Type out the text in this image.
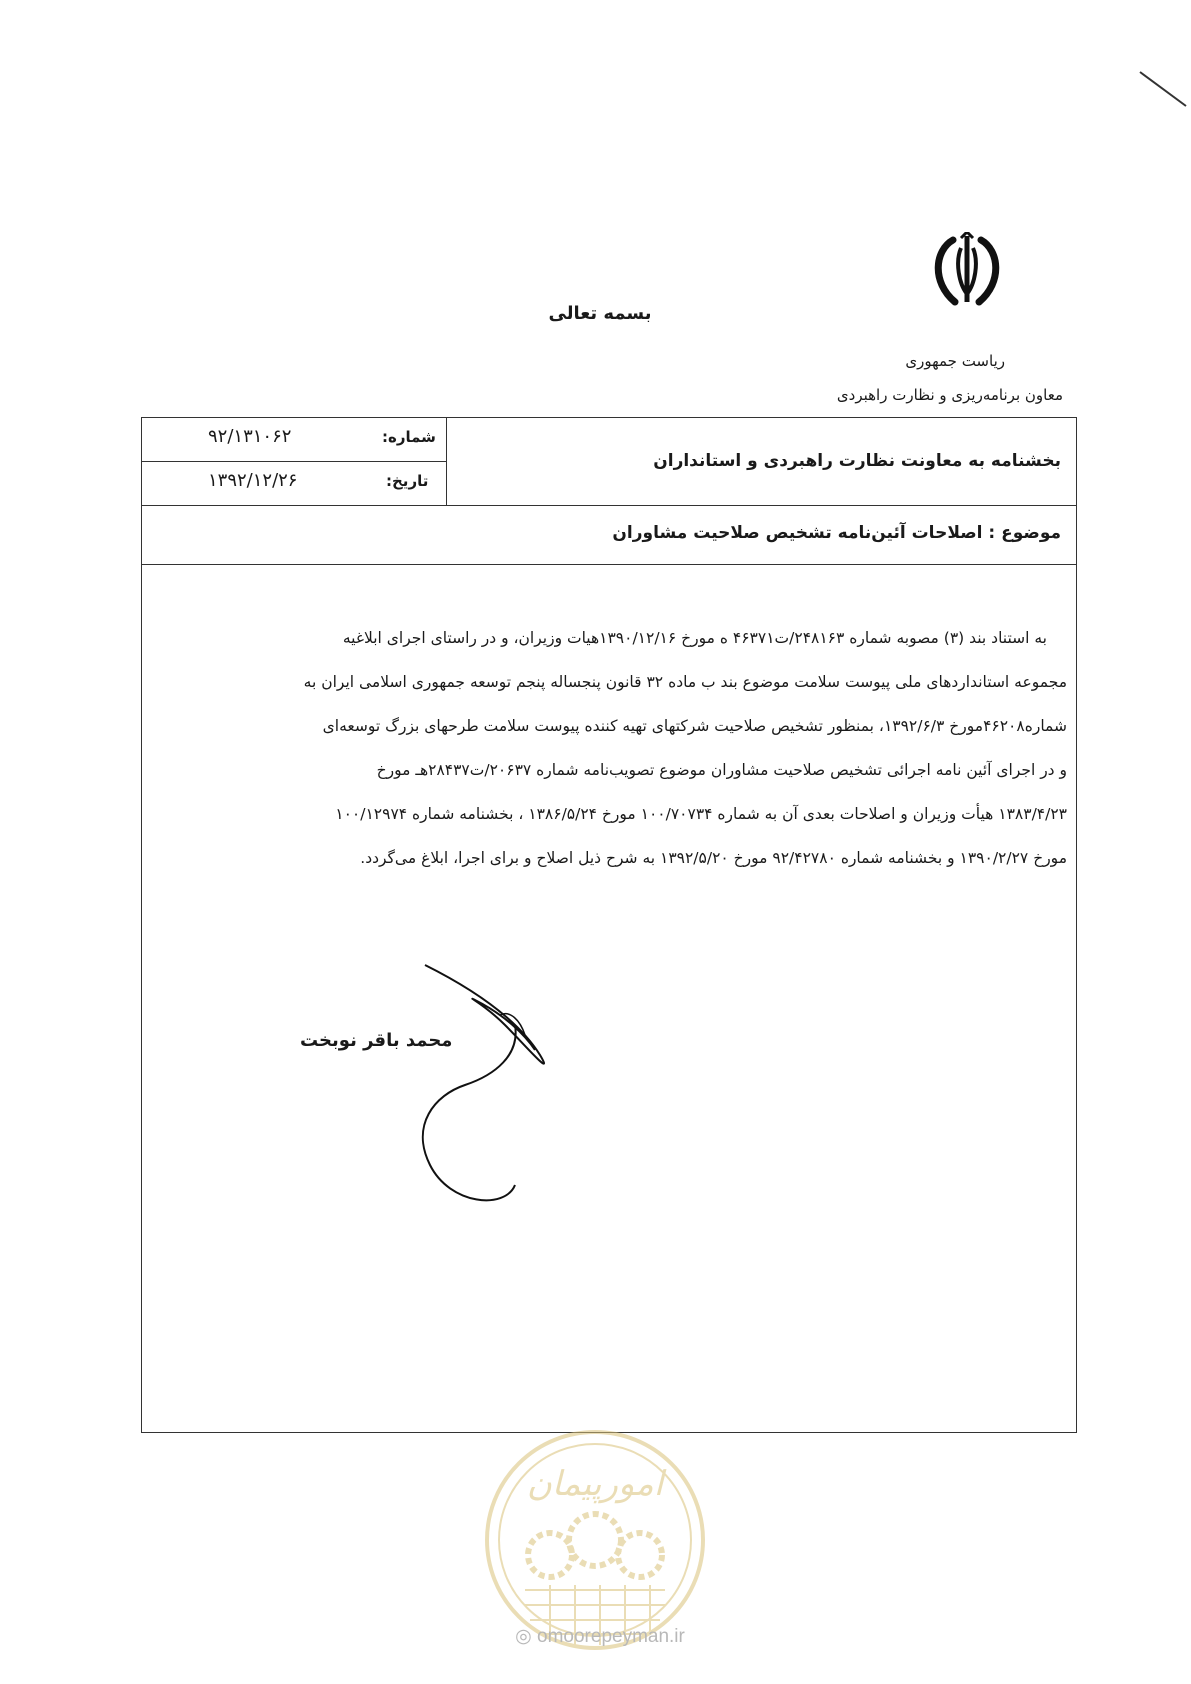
بسمه تعالی
ریاست جمهوری
معاون برنامه‌ریزی و نظارت راهبردی
شماره:
۹۲/۱۳۱۰۶۲
تاریخ:
۱۳۹۲/۱۲/۲۶
بخشنامه به معاونت نظارت راهبردی و استانداران
موضوع : اصلاحات آئین‌نامه تشخیص صلاحیت مشاوران
به استناد بند (۳) مصوبه شماره ۲۴۸۱۶۳/ت۴۶۳۷۱ ه مورخ ۱۳۹۰/۱۲/۱۶هیات وزیران، و در راستای اجرای ابلاغیه
مجموعه استانداردهای ملی پیوست سلامت موضوع بند ب ماده ۳۲ قانون پنجساله پنجم توسعه جمهوری اسلامی ایران به
شماره۴۶۲۰۸مورخ ۱۳۹۲/۶/۳، بمنظور تشخیص صلاحیت شرکتهای تهیه کننده پیوست سلامت طرحهای بزرگ توسعه‌ای
و در اجرای آئین نامه اجرائی تشخیص صلاحیت مشاوران موضوع تصویب‌نامه شماره ۲۰۶۳۷/ت۲۸۴۳۷هـ مورخ
۱۳۸۳/۴/۲۳ هیأت وزیران و اصلاحات بعدی آن به شماره ۱۰۰/۷۰۷۳۴ مورخ ۱۳۸۶/۵/۲۴ ، بخشنامه شماره ۱۰۰/۱۲۹۷۴
مورخ ۱۳۹۰/۲/۲۷ و بخشنامه شماره ۹۲/۴۲۷۸۰ مورخ ۱۳۹۲/۵/۲۰ به شرح ذیل اصلاح و برای اجرا، ابلاغ می‌گردد.
محمد باقر نوبخت
امورپیمان
◎ omoorepeyman.ir
